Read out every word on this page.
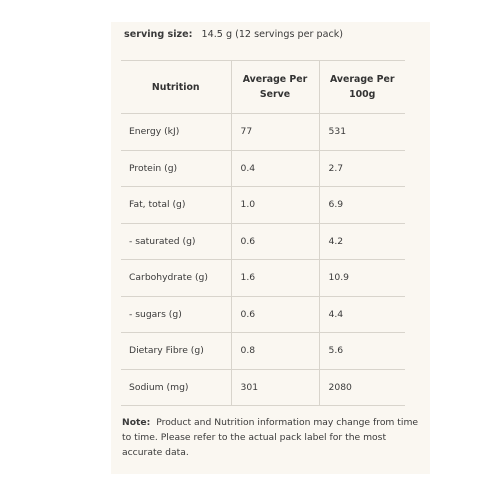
serving size: 14.5 g (12 servings per pack)
Nutrition	Average Per Serve	Average Per 100g
Energy (kJ)	77	531
Protein (g)	0.4	2.7
Fat, total (g)	1.0	6.9
- saturated (g)	0.6	4.2
Carbohydrate (g)	1.6	10.9
- sugars (g)	0.6	4.4
Dietary Fibre (g)	0.8	5.6
Sodium (mg)	301	2080
Note: Product and Nutrition information may change from time to time. Please refer to the actual pack label for the most accurate data.
